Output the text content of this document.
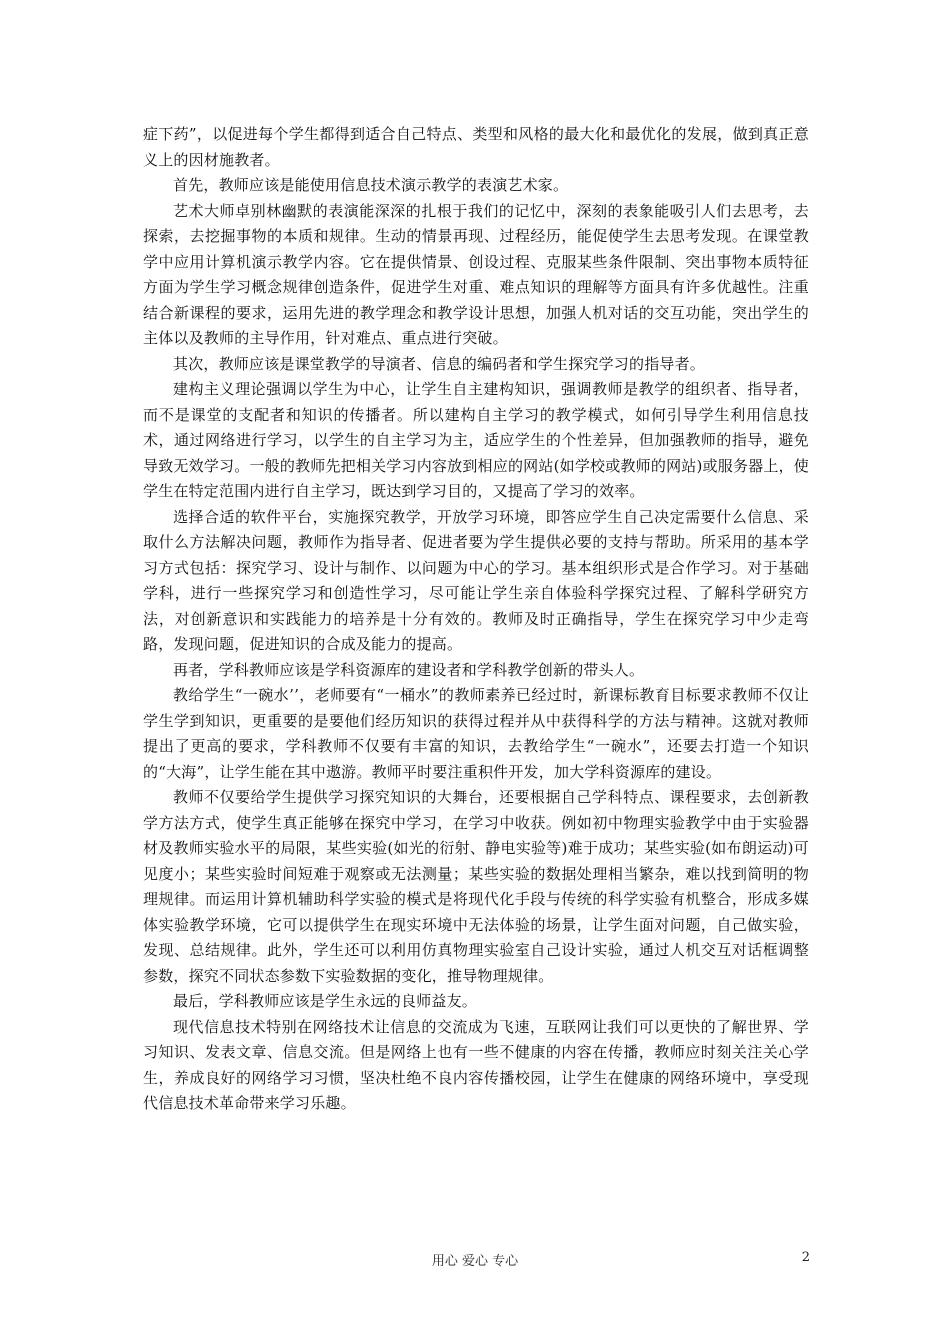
症下药”，以促进每个学生都得到适合自己特点、类型和风格的最大化和最优化的发展，做到真正意义上的因材施教者。

首先，教师应该是能使用信息技术演示教学的表演艺术家。

艺术大师卓别林幽默的表演能深深的扎根于我们的记忆中，深刻的表象能吸引人们去思考，去探索，去挖掘事物的本质和规律。生动的情景再现、过程经历，能促使学生去思考发现。在课堂教学中应用计算机演示教学内容。它在提供情景、创设过程、克服某些条件限制、突出事物本质特征方面为学生学习概念规律创造条件，促进学生对重、难点知识的理解等方面具有许多优越性。注重结合新课程的要求，运用先进的教学理念和教学设计思想，加强人机对话的交互功能，突出学生的主体以及教师的主导作用，针对难点、重点进行突破。

其次，教师应该是课堂教学的导演者、信息的编码者和学生探究学习的指导者。

建构主义理论强调以学生为中心，让学生自主建构知识，强调教师是教学的组织者、指导者，而不是课堂的支配者和知识的传播者。所以建构自主学习的教学模式，如何引导学生利用信息技术，通过网络进行学习，以学生的自主学习为主，适应学生的个性差异，但加强教师的指导，避免导致无效学习。一般的教师先把相关学习内容放到相应的网站(如学校或教师的网站)或服务器上，使学生在特定范围内进行自主学习，既达到学习目的，又提高了学习的效率。

选择合适的软件平台，实施探究教学，开放学习环境，即答应学生自己决定需要什么信息、采取什么方法解决问题，教师作为指导者、促进者要为学生提供必要的支持与帮助。所采用的基本学习方式包括：探究学习、设计与制作、以问题为中心的学习。基本组织形式是合作学习。对于基础学科，进行一些探究学习和创造性学习，尽可能让学生亲自体验科学探究过程、了解科学研究方法，对创新意识和实践能力的培养是十分有效的。教师及时正确指导，学生在探究学习中少走弯路，发现问题，促进知识的合成及能力的提高。

再者，学科教师应该是学科资源库的建设者和学科教学创新的带头人。

教给学生“一碗水’’，老师要有“一桶水”的教师素养已经过时，新课标教育目标要求教师不仅让学生学到知识，更重要的是要他们经历知识的获得过程并从中获得科学的方法与精神。这就对教师提出了更高的要求，学科教师不仅要有丰富的知识，去教给学生“一碗水”，还要去打造一个知识的“大海”，让学生能在其中遨游。教师平时要注重积件开发，加大学科资源库的建设。

教师不仅要给学生提供学习探究知识的大舞台，还要根据自己学科特点、课程要求，去创新教学方法方式，使学生真正能够在探究中学习，在学习中收获。例如初中物理实验教学中由于实验器材及教师实验水平的局限，某些实验(如光的衍射、静电实验等)难于成功；某些实验(如布朗运动)可见度小；某些实验时间短难于观察或无法测量；某些实验的数据处理相当繁杂，难以找到简明的物理规律。而运用计算机辅助科学实验的模式是将现代化手段与传统的科学实验有机整合，形成多媒体实验教学环境，它可以提供学生在现实环境中无法体验的场景，让学生面对问题，自己做实验，发现、总结规律。此外，学生还可以利用仿真物理实验室自己设计实验，通过人机交互对话框调整参数，探究不同状态参数下实验数据的变化，推导物理规律。

最后，学科教师应该是学生永远的良师益友。

现代信息技术特别在网络技术让信息的交流成为飞速，互联网让我们可以更快的了解世界、学习知识、发表文章、信息交流。但是网络上也有一些不健康的内容在传播，教师应时刻关注关心学生，养成良好的网络学习习惯，坚决杜绝不良内容传播校园，让学生在健康的网络环境中，享受现代信息技术革命带来学习乐趣。

用心 爱心 专心	2
